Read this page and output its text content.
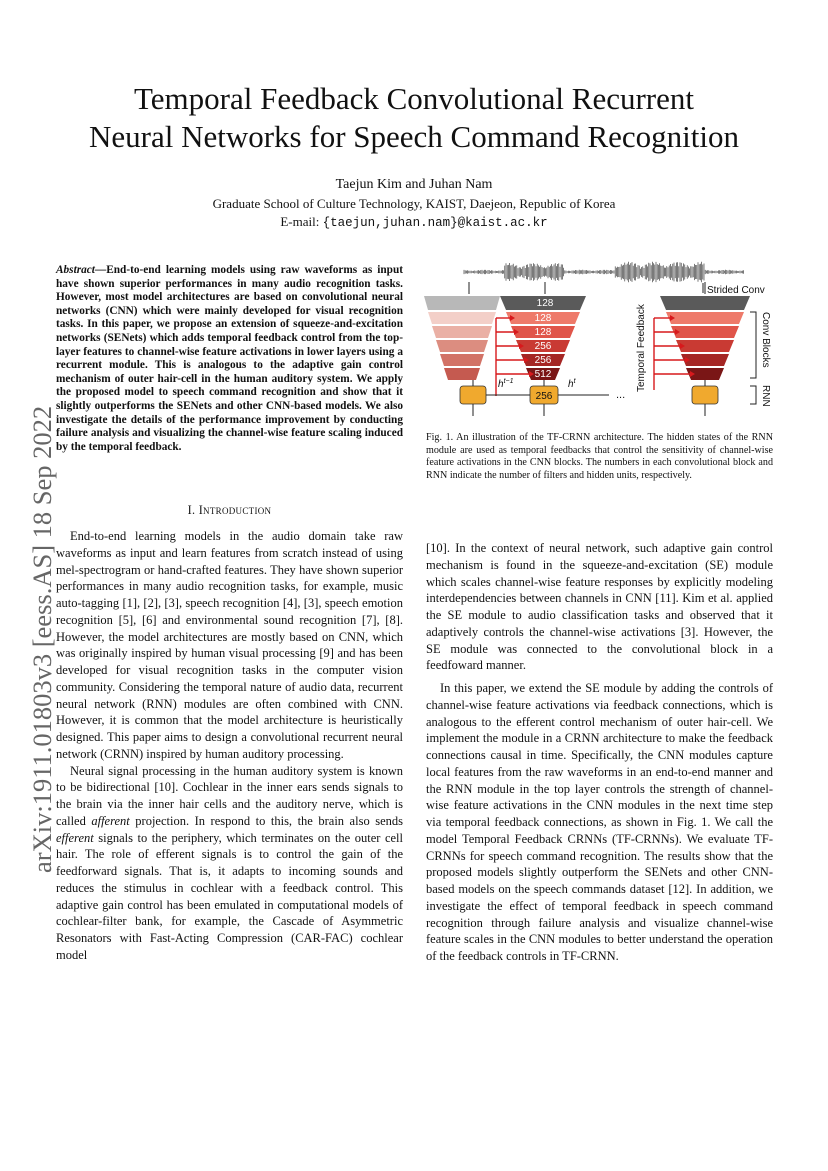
Temporal Feedback Convolutional Recurrent
Neural Networks for Speech Command Recognition
Taejun Kim and Juhan Nam
Graduate School of Culture Technology, KAIST, Daejeon, Republic of Korea
E-mail: {taejun,juhan.nam}@kaist.ac.kr
arXiv:1911.01803v3 [eess.AS] 18 Sep 2022
Abstract—End-to-end learning models using raw waveforms as input have shown superior performances in many audio recognition tasks. However, most model architectures are based on convolutional neural networks (CNN) which were mainly developed for visual recognition tasks. In this paper, we propose an extension of squeeze-and-excitation networks (SENets) which adds temporal feedback control from the top-layer features to channel-wise feature activations in lower layers using a recurrent module. This is analogous to the adaptive gain control mechanism of outer hair-cell in the human auditory system. We apply the proposed model to speech command recognition and show that it slightly outperforms the SENets and other CNN-based models. We also investigate the details of the performance improvement by conducting failure analysis and visualizing the channel-wise feature scaling induced by the temporal feedback.
I. Introduction

End-to-end learning models in the audio domain take raw waveforms as input and learn features from scratch instead of using mel-spectrogram or hand-crafted features. They have shown superior performances in many audio recognition tasks, for example, music auto-tagging [1], [2], [3], speech recognition [4], [3], speech emotion recognition [5], [6] and environmental sound recognition [7], [8]. However, the model architectures are mostly based on CNN, which was originally inspired by human visual processing [9] and has been developed for visual recognition tasks in the computer vision community. Considering the temporal nature of audio data, recurrent neural network (RNN) modules are often combined with CNN. However, it is common that the model architecture is heuristically designed. This paper aims to design a convolutional recurrent neural network (CRNN) inspired by human auditory processing.

Neural signal processing in the human auditory system is known to be bidirectional [10]. Cochlear in the inner ears sends signals to the brain via the inner hair cells and the auditory nerve, which is called afferent projection. In respond to this, the brain also sends efferent signals to the periphery, which terminates on the outer cell hair. The role of efferent signals is to control the gain of the feedforward signals. That is, it adapts to incoming sounds and reduces the stimulus in cochlear with a feedback control. This adaptive gain control has been emulated in computational models of cochlear-filter bank, for example, the Cascade of Asymmetric Resonators with Fast-Acting Compression (CAR-FAC) cochlear model

128
128
128
256
256
512
256
$h^{t-1}$	$h^t$
...
Strided Conv
Temporal Feedback	Conv Blocks
RNN
Fig. 1. An illustration of the TF-CRNN architecture. The hidden states of the RNN module are used as temporal feedbacks that control the sensitivity of channel-wise feature activations in the CNN blocks. The numbers in each convolutional block and RNN indicate the number of filters and hidden units, respectively.

[10]. In the context of neural network, such adaptive gain control mechanism is found in the squeeze-and-excitation (SE) module which scales channel-wise feature responses by explicitly modeling interdependencies between channels in CNN [11]. Kim et al. applied the SE module to audio classification tasks and observed that it adaptively controls the channel-wise activations [3]. However, the SE module was connected to the convolutional block in a feedfoward manner.

In this paper, we extend the SE module by adding the controls of channel-wise feature activations via feedback connections, which is analogous to the efferent control mechanism of outer hair-cell. We implement the module in a CRNN architecture to make the feedback connections causal in time. Specifically, the CNN modules capture local features from the raw waveforms in an end-to-end manner and the RNN module in the top layer controls the strength of channel-wise feature activations in the CNN modules in the next time step via temporal feedback connections, as shown in Fig. 1. We call the model Temporal Feedback CRNNs (TF-CRNNs). We evaluate TF-CRNNs for speech command recognition. The results show that the proposed models slightly outperform the SENets and other CNN-based models on the speech commands dataset [12]. In addition, we investigate the effect of temporal feedback in speech command recognition through failure analysis and visualize channel-wise feature scales in the CNN modules to better understand the operation of the feedback controls in TF-CRNN.
